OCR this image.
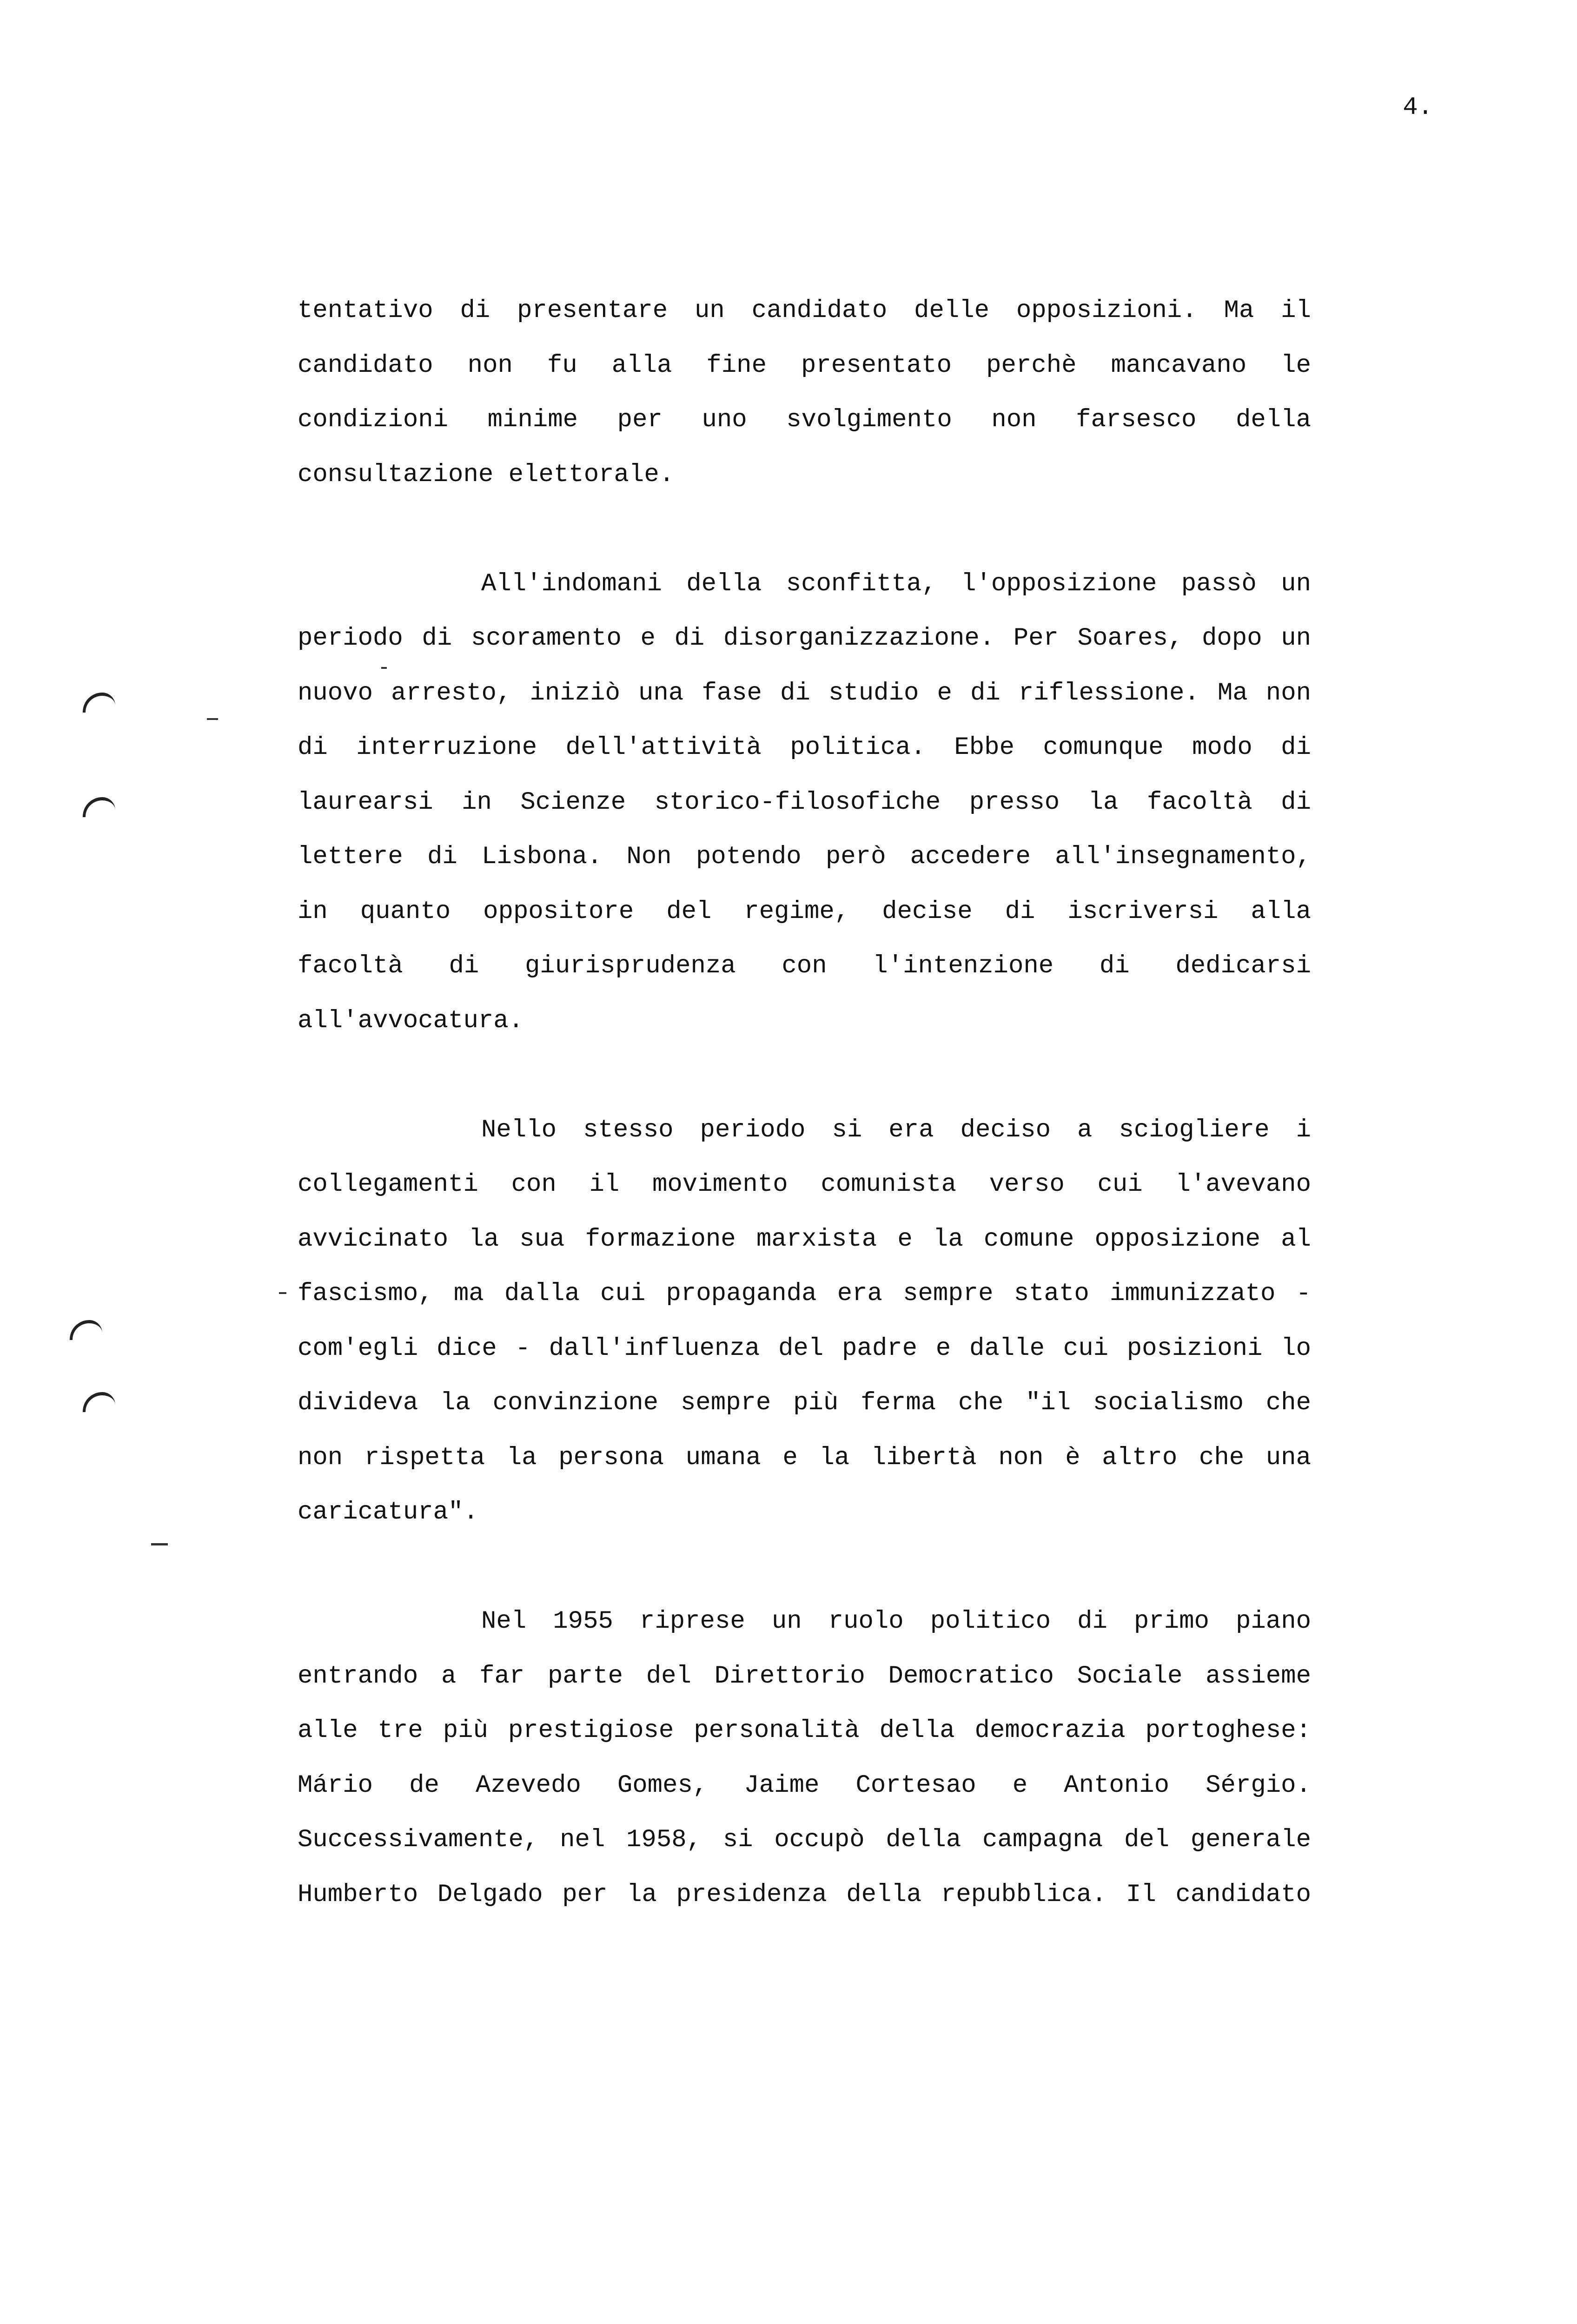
4.
tentativo di presentare un candidato delle opposizioni. Ma il
candidato non fu alla fine presentato perchè mancavano le
condizioni minime per uno svolgimento non farsesco della
consultazione elettorale.
All'indomani della sconfitta, l'opposizione passò un
periodo di scoramento e di disorganizzazione. Per Soares, dopo un
nuovo arresto, iniziò una fase di studio e di riflessione. Ma non
di interruzione dell'attività politica. Ebbe comunque modo di
laurearsi in Scienze storico-filosofiche presso la facoltà di
lettere di Lisbona. Non potendo però accedere all'insegnamento,
in quanto oppositore del regime, decise di iscriversi alla
facoltà di giurisprudenza con l'intenzione di dedicarsi
all'avvocatura.
Nello stesso periodo si era deciso a sciogliere i
collegamenti con il movimento comunista verso cui l'avevano
avvicinato la sua formazione marxista e la comune opposizione al
fascismo, ma dalla cui propaganda era sempre stato immunizzato -
com'egli dice - dall'influenza del padre e dalle cui posizioni lo
divideva la convinzione sempre più ferma che "il socialismo che
non rispetta la persona umana e la libertà non è altro che una
caricatura".
Nel 1955 riprese un ruolo politico di primo piano
entrando a far parte del Direttorio Democratico Sociale assieme
alle tre più prestigiose personalità della democrazia portoghese:
Mário de Azevedo Gomes, Jaime Cortesao e Antonio Sérgio.
Successivamente, nel 1958, si occupò della campagna del generale
Humberto Delgado per la presidenza della repubblica. Il candidato
